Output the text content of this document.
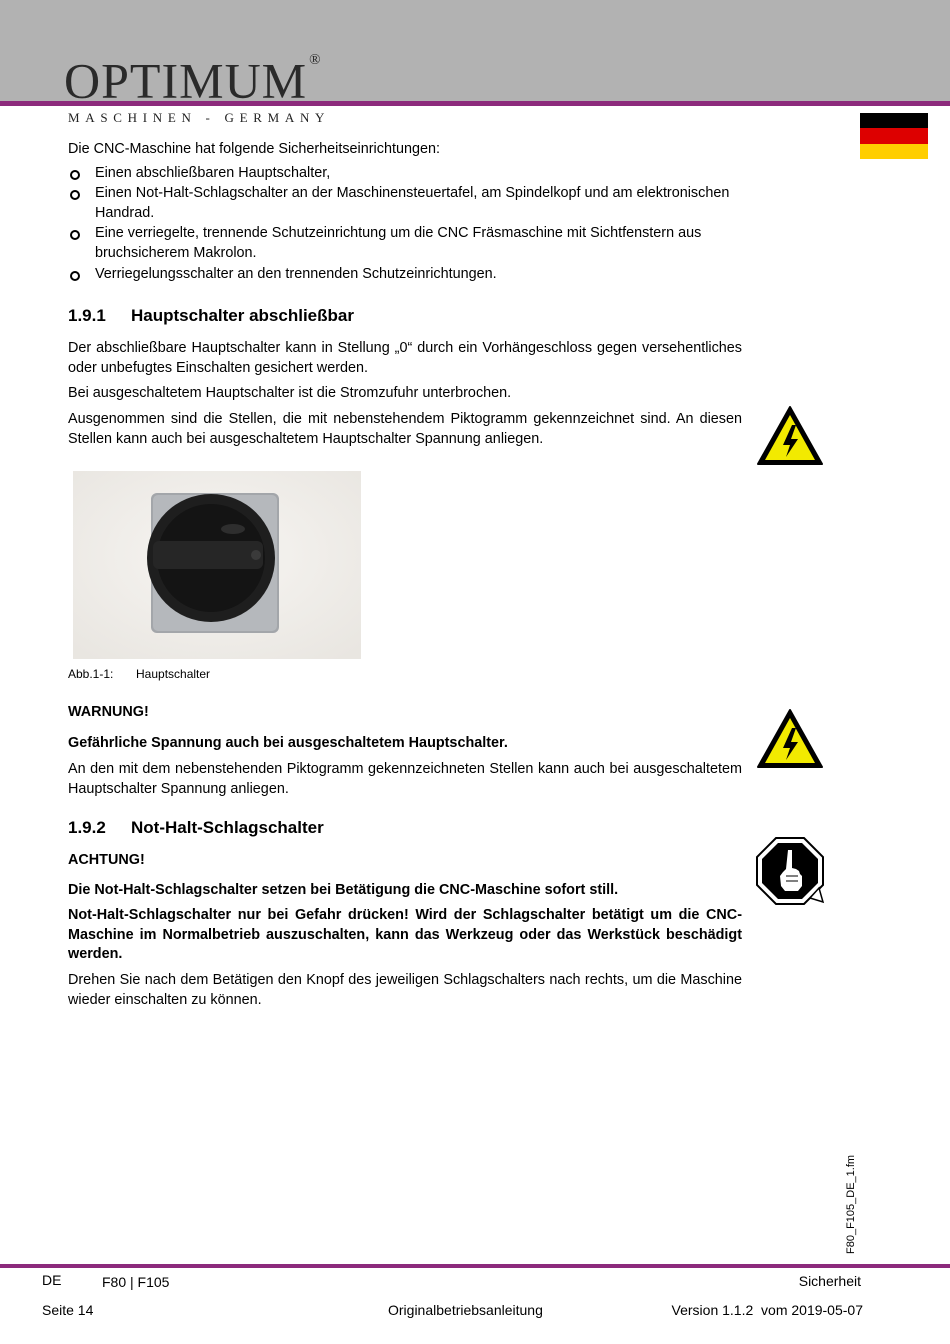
OPTIMUM ®
MASCHINEN - GERMANY

Die CNC-Maschine hat folgende Sicherheitseinrichtungen:

Einen abschließbaren Hauptschalter,
Einen Not-Halt-Schlagschalter an der Maschinensteuertafel, am Spindelkopf und am elektronischen Handrad.
Eine verriegelte, trennende Schutzeinrichtung um die CNC Fräsmaschine mit Sichtfenstern aus bruchsicherem Makrolon.
Verriegelungsschalter an den trennenden Schutzeinrichtungen.
1.9.1 Hauptschalter abschließbar

Der abschließbare Hauptschalter kann in Stellung „0“ durch ein Vorhängeschloss gegen versehentliches oder unbefugtes Einschalten gesichert werden.

Bei ausgeschaltetem Hauptschalter ist die Stromzufuhr unterbrochen.

Ausgenommen sind die Stellen, die mit nebenstehendem Piktogramm gekennzeichnet sind. An diesen Stellen kann auch bei ausgeschaltetem Hauptschalter Spannung anliegen.

Abb.1-1: Hauptschalter

WARNUNG!

Gefährliche Spannung auch bei ausgeschaltetem Hauptschalter.

An den mit dem nebenstehenden Piktogramm gekennzeichneten Stellen kann auch bei ausgeschaltetem Hauptschalter Spannung anliegen.

1.9.2 Not-Halt-Schlagschalter

ACHTUNG!

Die Not-Halt-Schlagschalter setzen bei Betätigung die CNC-Maschine sofort still.

Not-Halt-Schlagschalter nur bei Gefahr drücken! Wird der Schlagschalter betätigt um die CNC-Maschine im Normalbetrieb auszuschalten, kann das Werkzeug oder das Werkstück beschädigt werden.

Drehen Sie nach dem Betätigen den Knopf des jeweiligen Schlagschalters nach rechts, um die Maschine wieder einschalten zu können.

F80_F105_DE_1.fm
DE	F80 | F105	Sicherheit
Seite 14	Originalbetriebsanleitung	Version 1.1.2  vom 2019-05-07
